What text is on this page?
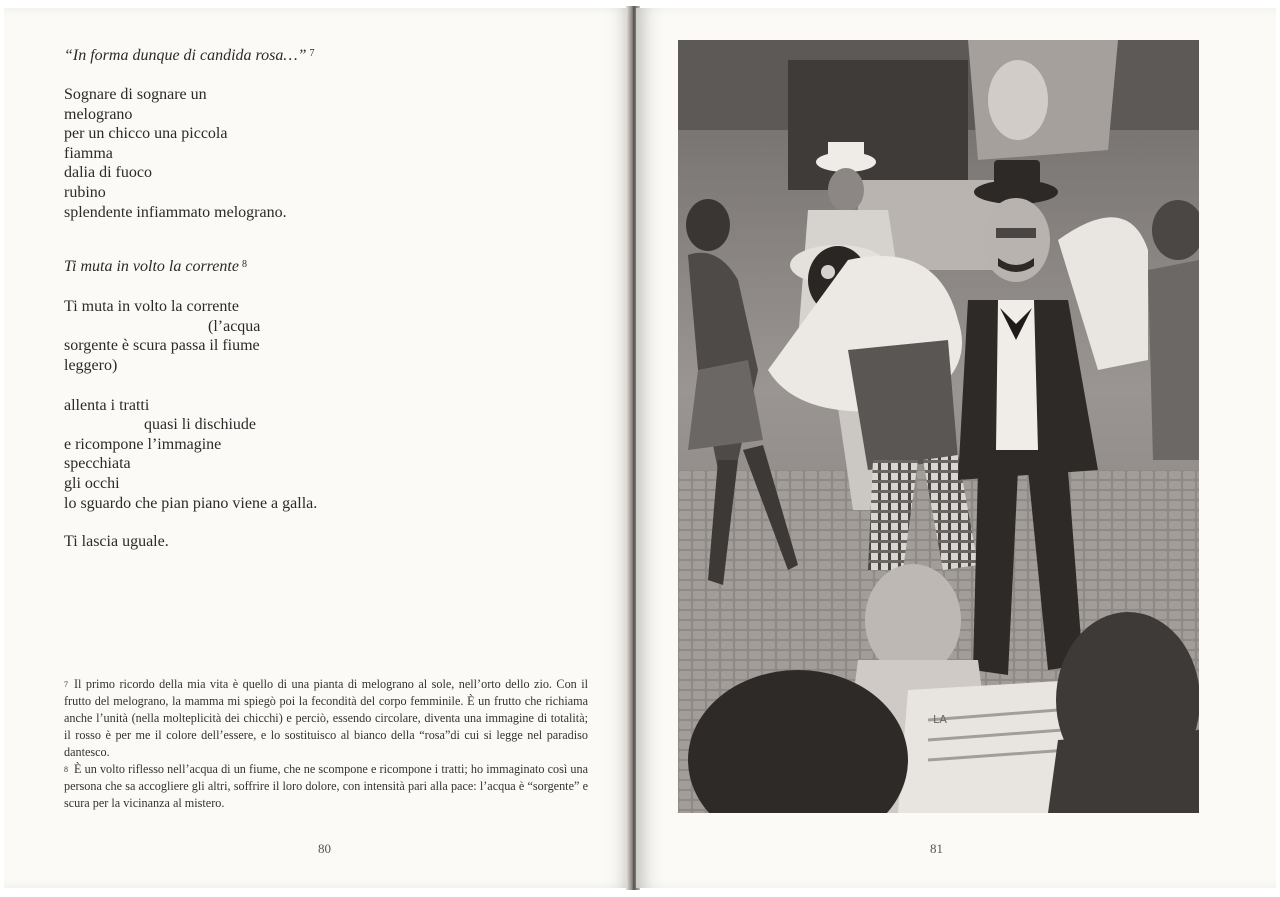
“In forma dunque di candida rosa…” $^7$

Sognare di sognare un
melograno
per un chicco una piccola
fiamma
dalia di fuoco
rubino
splendente infiammato melograno.

Ti muta in volto la corrente $^8$

Ti muta in volto la corrente
(l’acqua
sorgente è scura passa il fiume
leggero)
allenta i tratti
quasi li dischiude
e ricompone l’immagine
specchiata
gli occhi
lo sguardo che pian piano viene a galla.
Ti lascia uguale.

$^7$ Il primo ricordo della mia vita è quello di una pianta di melograno al sole, nell’orto dello zio. Con il frutto del melograno, la mamma mi spiegò poi la fecondità del corpo femminile. È un frutto che richiama anche l’unità (nella molteplicità dei chicchi) e perciò, essendo circolare, diventa una immagine di totalità; il rosso è per me il colore dell’essere, e lo sostituisco al bianco della “rosa”di cui si legge nel paradiso dantesco.

$^8$ È un volto riflesso nell’acqua di un fiume, che ne scompone e ricompone i tratti; ho immaginato così una persona che sa accogliere gli altri, soffrire il loro dolore, con intensità pari alla pace: l’acqua è “sorgente” e scura per la vicinanza al mistero.

80	81
LA
